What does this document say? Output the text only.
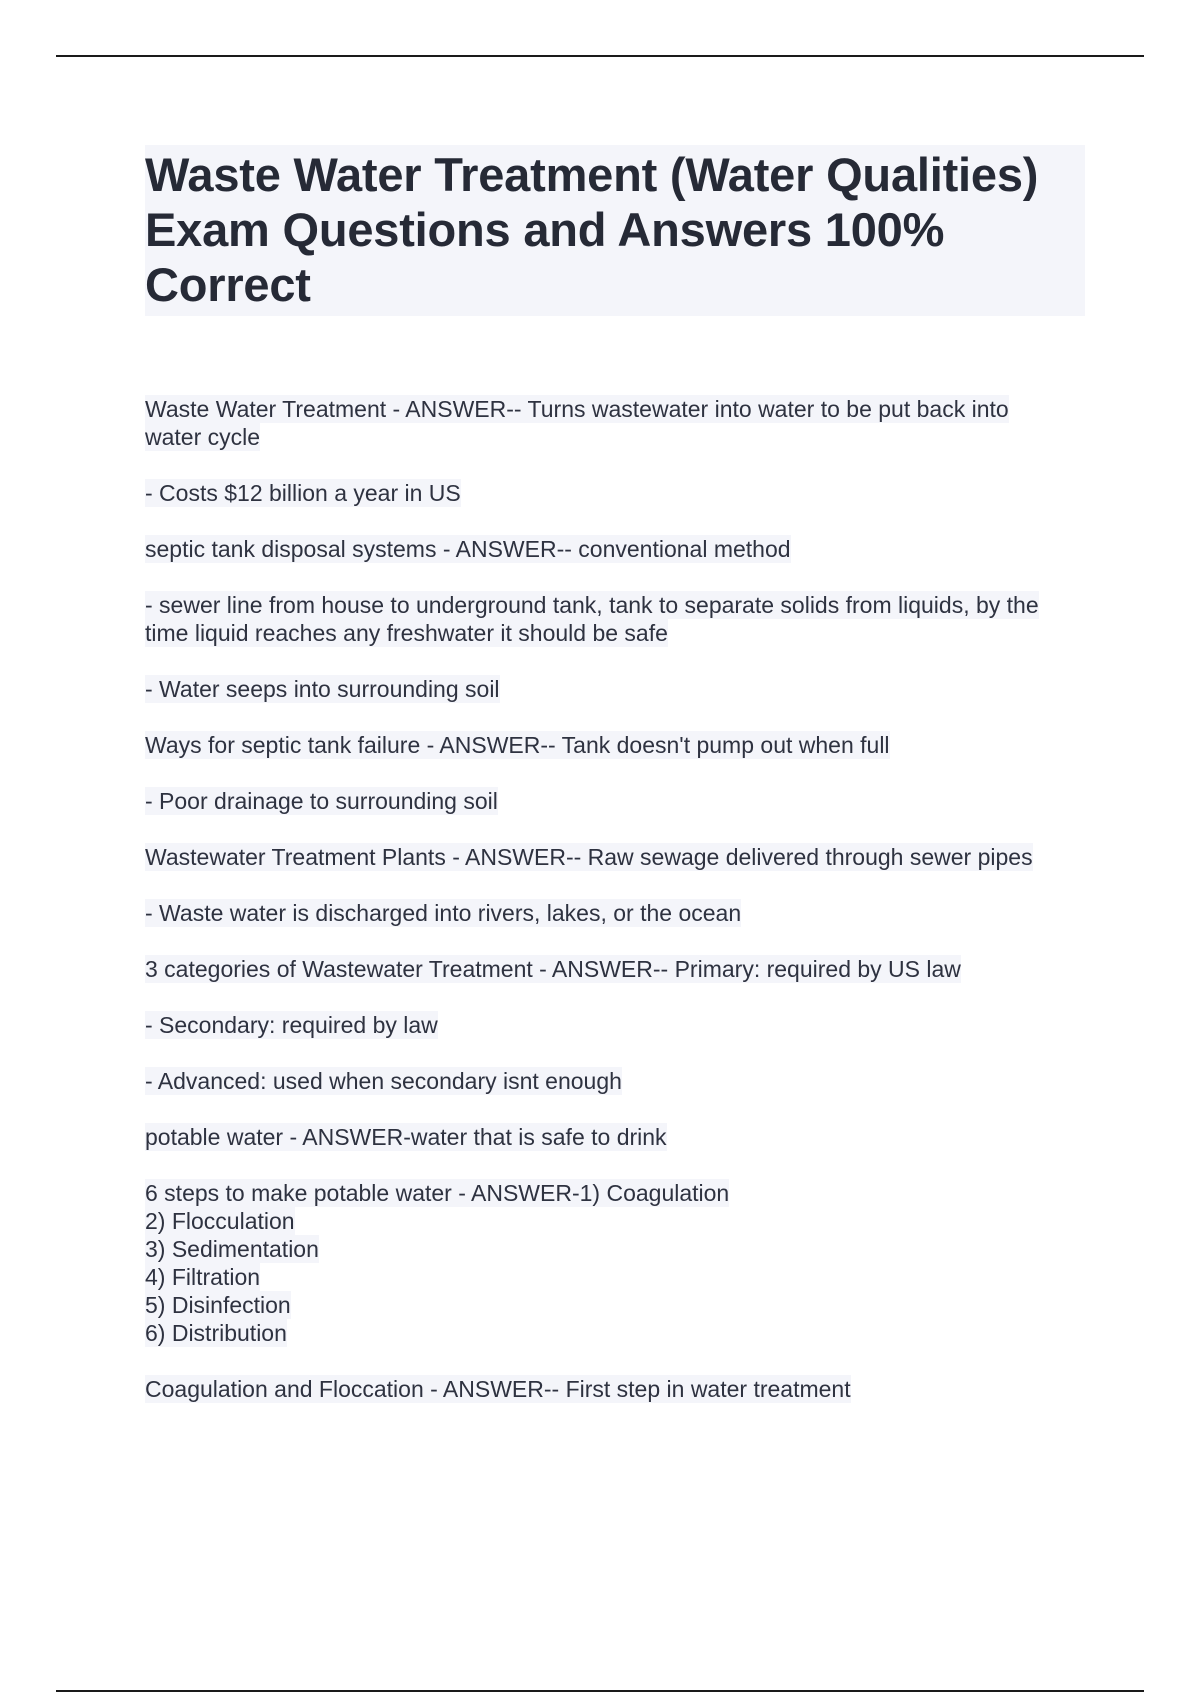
Waste Water Treatment (Water Qualities)
Exam Questions and Answers 100%
Correct
Waste Water Treatment - ANSWER-- Turns wastewater into water to be put back into
water cycle
- Costs $12 billion a year in US
septic tank disposal systems - ANSWER-- conventional method
- sewer line from house to underground tank, tank to separate solids from liquids, by the
time liquid reaches any freshwater it should be safe
- Water seeps into surrounding soil
Ways for septic tank failure - ANSWER-- Tank doesn't pump out when full
- Poor drainage to surrounding soil
Wastewater Treatment Plants - ANSWER-- Raw sewage delivered through sewer pipes
- Waste water is discharged into rivers, lakes, or the ocean
3 categories of Wastewater Treatment - ANSWER-- Primary: required by US law
- Secondary: required by law
- Advanced: used when secondary isnt enough
potable water - ANSWER-water that is safe to drink
6 steps to make potable water - ANSWER-1) Coagulation
2) Flocculation
3) Sedimentation
4) Filtration
5) Disinfection
6) Distribution
Coagulation and Floccation - ANSWER-- First step in water treatment
